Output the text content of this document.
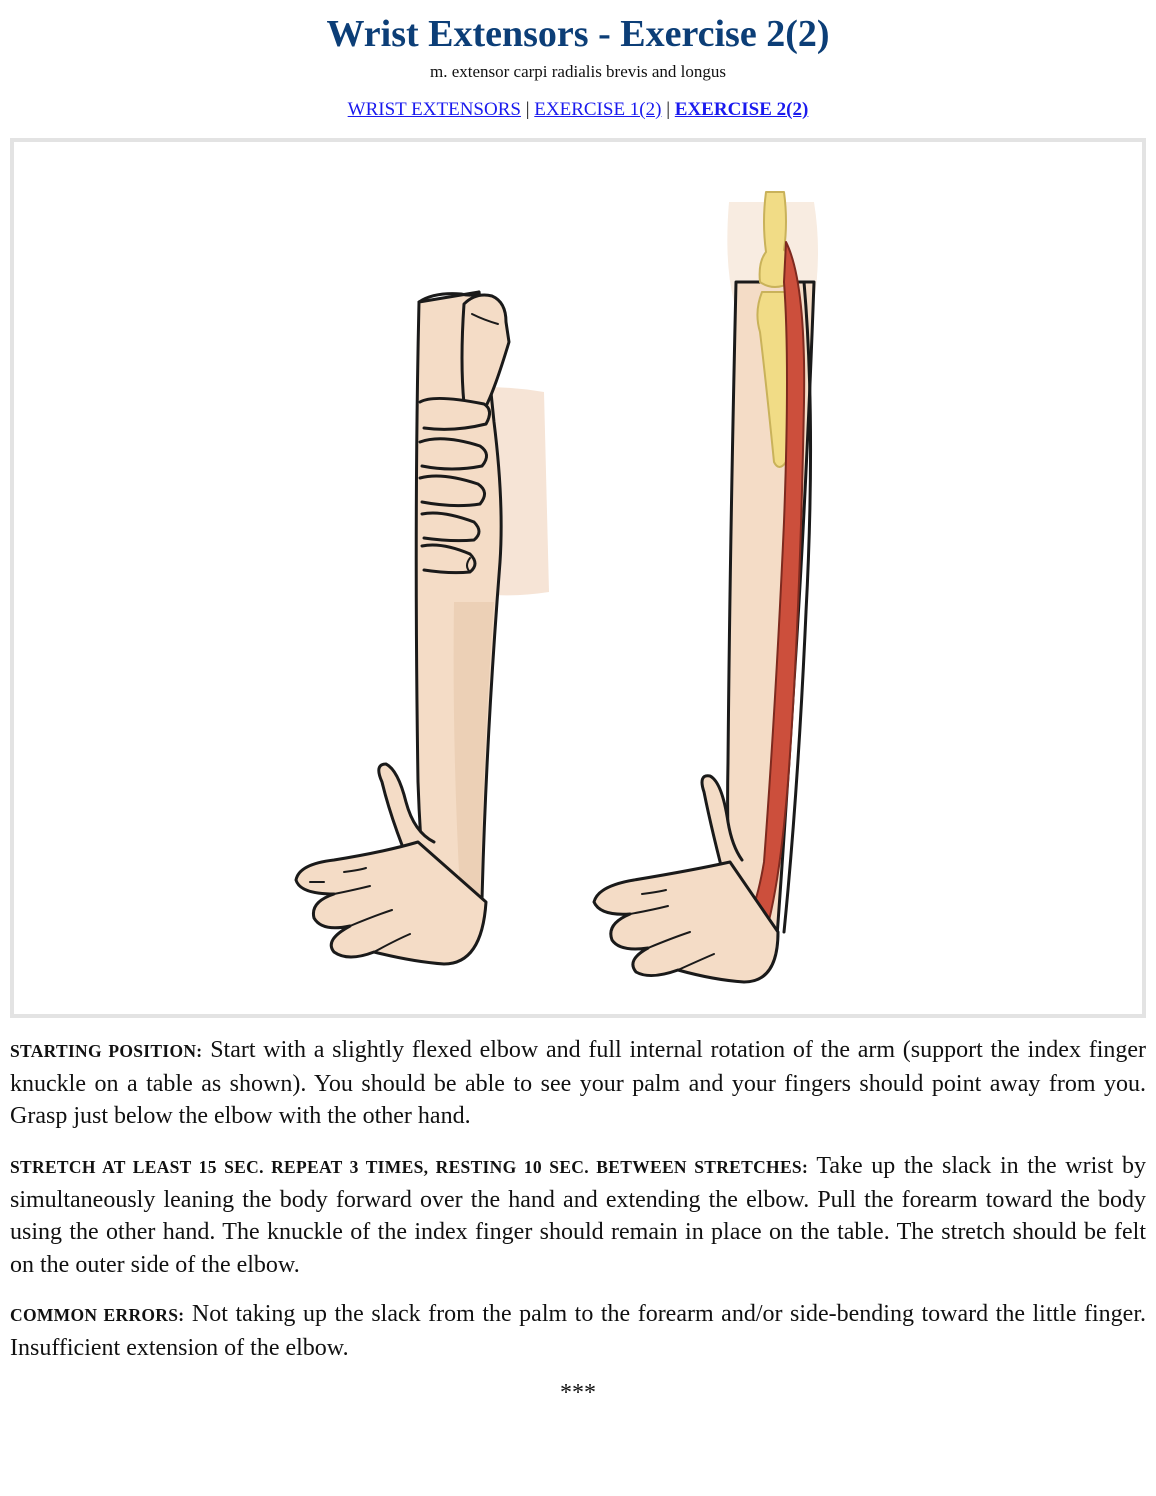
Wrist Extensors - Exercise 2(2)
m. extensor carpi radialis brevis and longus
WRIST EXTENSORS | EXERCISE 1(2) | EXERCISE 2(2)

STARTING POSITION: Start with a slightly flexed elbow and full internal rotation of the arm (support the index finger knuckle on a table as shown). You should be able to see your palm and your fingers should point away from you. Grasp just below the elbow with the other hand.

STRETCH AT LEAST 15 SEC. REPEAT 3 TIMES, RESTING 10 SEC. BETWEEN STRETCHES: Take up the slack in the wrist by simultaneously leaning the body forward over the hand and extending the elbow. Pull the forearm toward the body using the other hand. The knuckle of the index finger should remain in place on the table. The stretch should be felt on the outer side of the elbow.

COMMON ERRORS: Not taking up the slack from the palm to the forearm and/or side-bending toward the little finger. Insufficient extension of the elbow.

***
